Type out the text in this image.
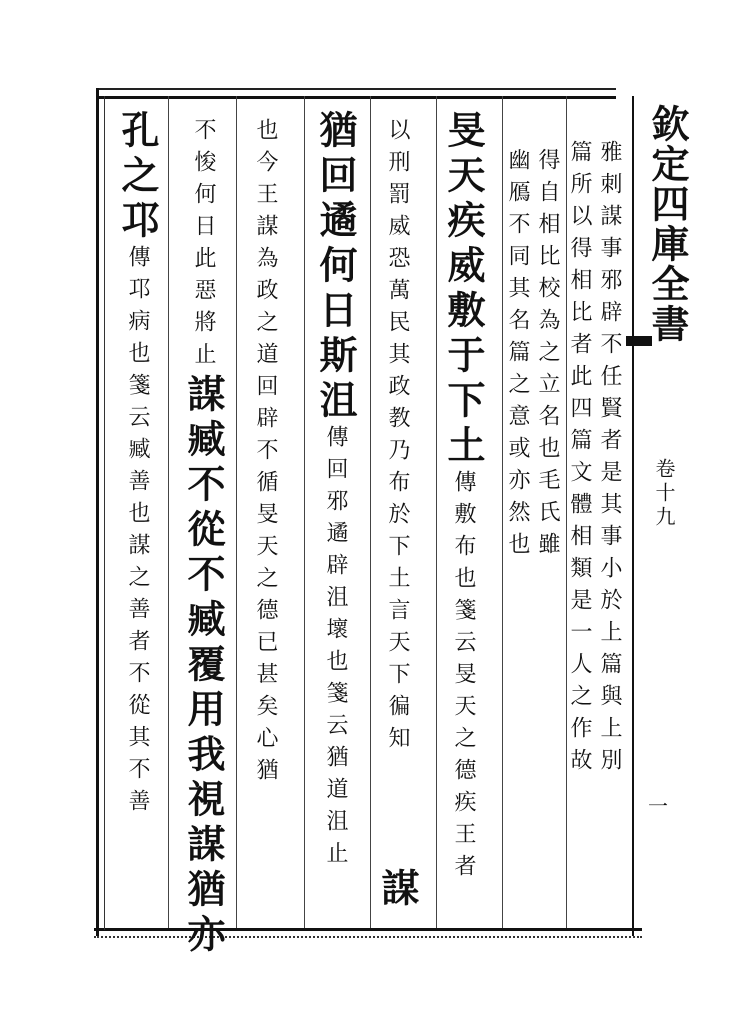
欽定四庫全書
卷十九
一
雅刺謀事邪辟不任賢者是其事小於上篇與上別
篇所以得相比者此四篇文體相類是一人之作故
得自相比校為之立名也毛氏雖
幽鴈不同其名篇之意或亦然也
旻天疾威敷于下土傳敷布也箋云旻天之德疾王者
以刑罰威恐萬民其政教乃布於下土言天下徧知
謀
猶回遹何日斯沮傳回邪遹辟沮壞也箋云猶道沮止
也今王謀為政之道回辟不循旻天之德已甚矣心猶
不悛何日此惡將止謀臧不從不臧覆用我視謀猶亦
孔之邛傳邛病也箋云臧善也謀之善者不從其不善
